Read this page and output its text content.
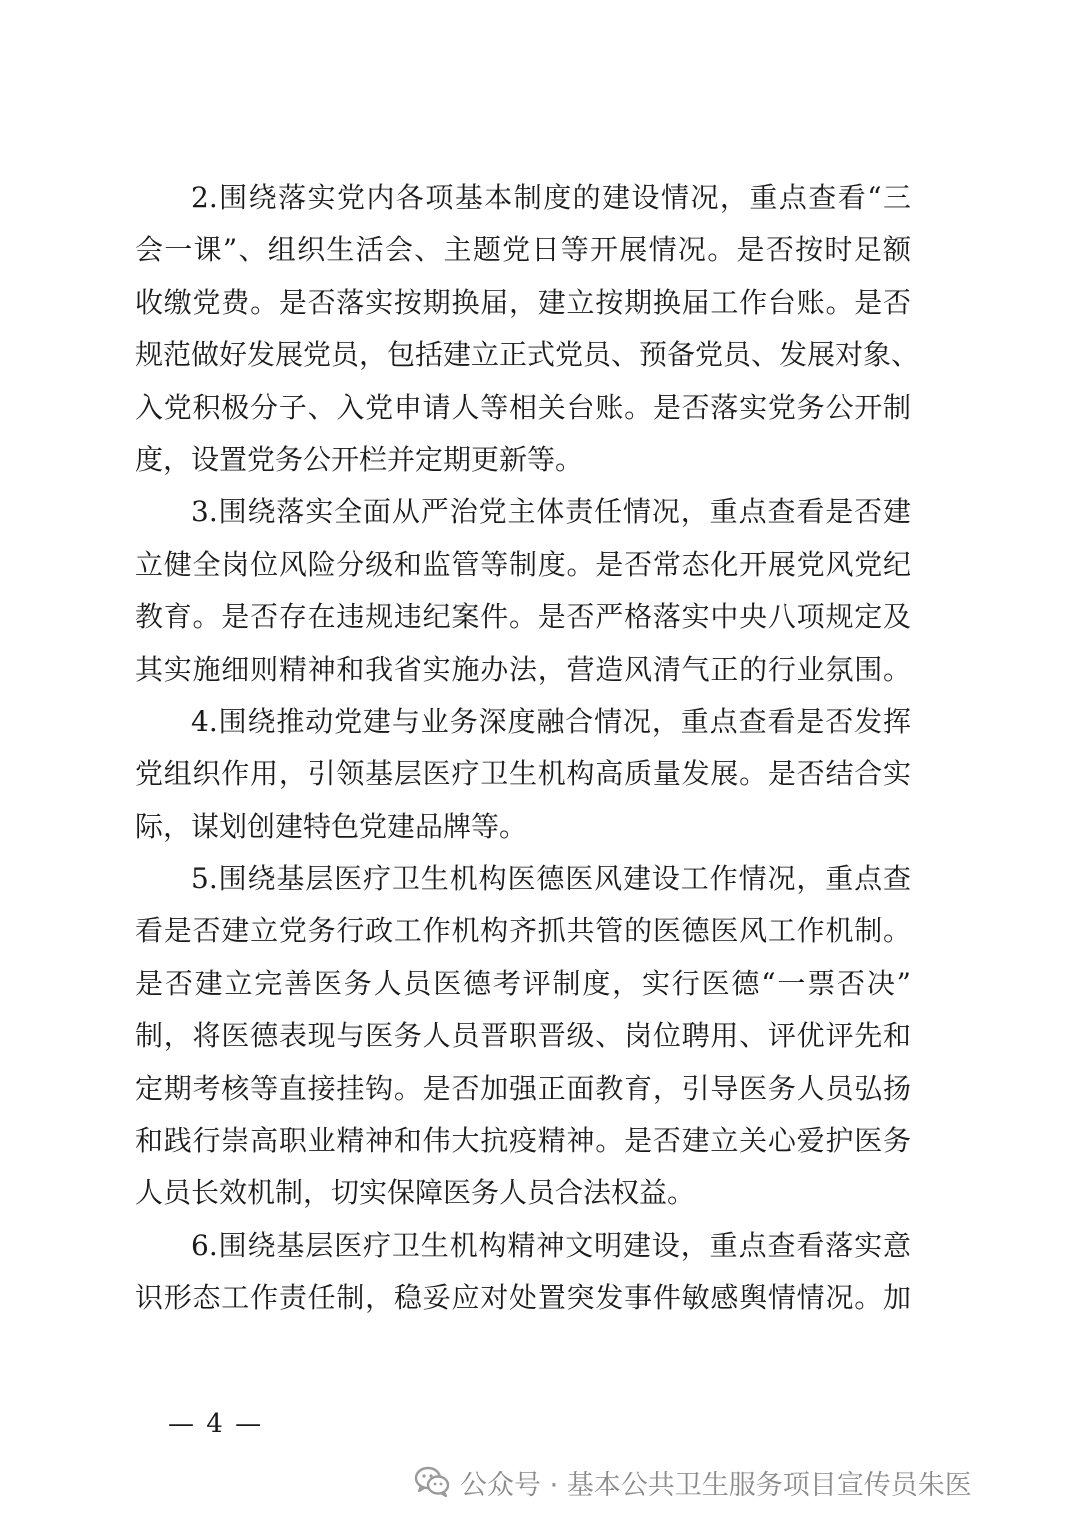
2.围绕落实党内各项基本制度的建设情况，重点查看“三
会一课”、组织生活会、主题党日等开展情况。是否按时足额
收缴党费。是否落实按期换届，建立按期换届工作台账。是否
规范做好发展党员，包括建立正式党员、预备党员、发展对象、
入党积极分子、入党申请人等相关台账。是否落实党务公开制
度，设置党务公开栏并定期更新等。
3.围绕落实全面从严治党主体责任情况，重点查看是否建
立健全岗位风险分级和监管等制度。是否常态化开展党风党纪
教育。是否存在违规违纪案件。是否严格落实中央八项规定及
其实施细则精神和我省实施办法，营造风清气正的行业氛围。
4.围绕推动党建与业务深度融合情况，重点查看是否发挥
党组织作用，引领基层医疗卫生机构高质量发展。是否结合实
际，谋划创建特色党建品牌等。
5.围绕基层医疗卫生机构医德医风建设工作情况，重点查
看是否建立党务行政工作机构齐抓共管的医德医风工作机制。
是否建立完善医务人员医德考评制度，实行医德“一票否决”
制，将医德表现与医务人员晋职晋级、岗位聘用、评优评先和
定期考核等直接挂钩。是否加强正面教育，引导医务人员弘扬
和践行崇高职业精神和伟大抗疫精神。是否建立关心爱护医务
人员长效机制，切实保障医务人员合法权益。
6.围绕基层医疗卫生机构精神文明建设，重点查看落实意
识形态工作责任制，稳妥应对处置突发事件敏感舆情情况。加
— 4 —
公众号 · 基本公共卫生服务项目宣传员朱医
